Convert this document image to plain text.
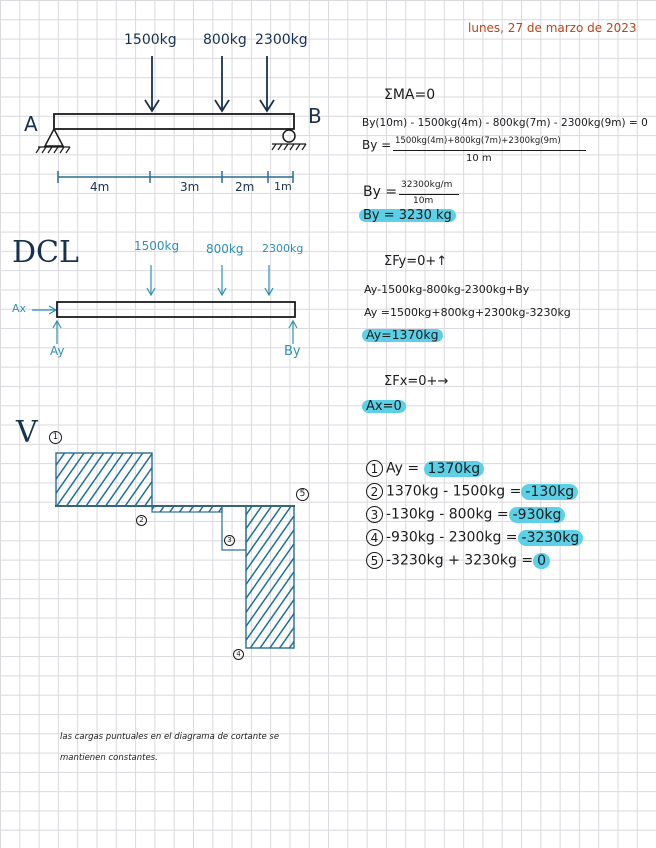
lunes, 27 de marzo de 2023
1500kg 800kg 2300kg
A	B
4m	3m	2m 1m
DCL	1500kg 800kg 2300kg
Ax
Ay	By
ΣMA=0
By(10m) - 1500kg(4m) - 800kg(7m) - 2300kg(9m) = 0
By = 1500kg(4m)+800kg(7m)+2300kg(9m)
10 m
By = 32300kg/m
10m
By = 3230 kg
ΣFy=0+↑
Ay-1500kg-800kg-2300kg+By
Ay =1500kg+800kg+2300kg-3230kg
Ay=1370kg
ΣFx=0+→
Ax=0
V	1
2
3
4
5
1 Ay = 1370kg
2 1370kg - 1500kg = -130kg
3 -130kg - 800kg = -930kg
4 -930kg - 2300kg = -3230kg
5 -3230kg + 3230kg = 0
las cargas puntuales en el diagrama de cortante se
mantienen constantes.
